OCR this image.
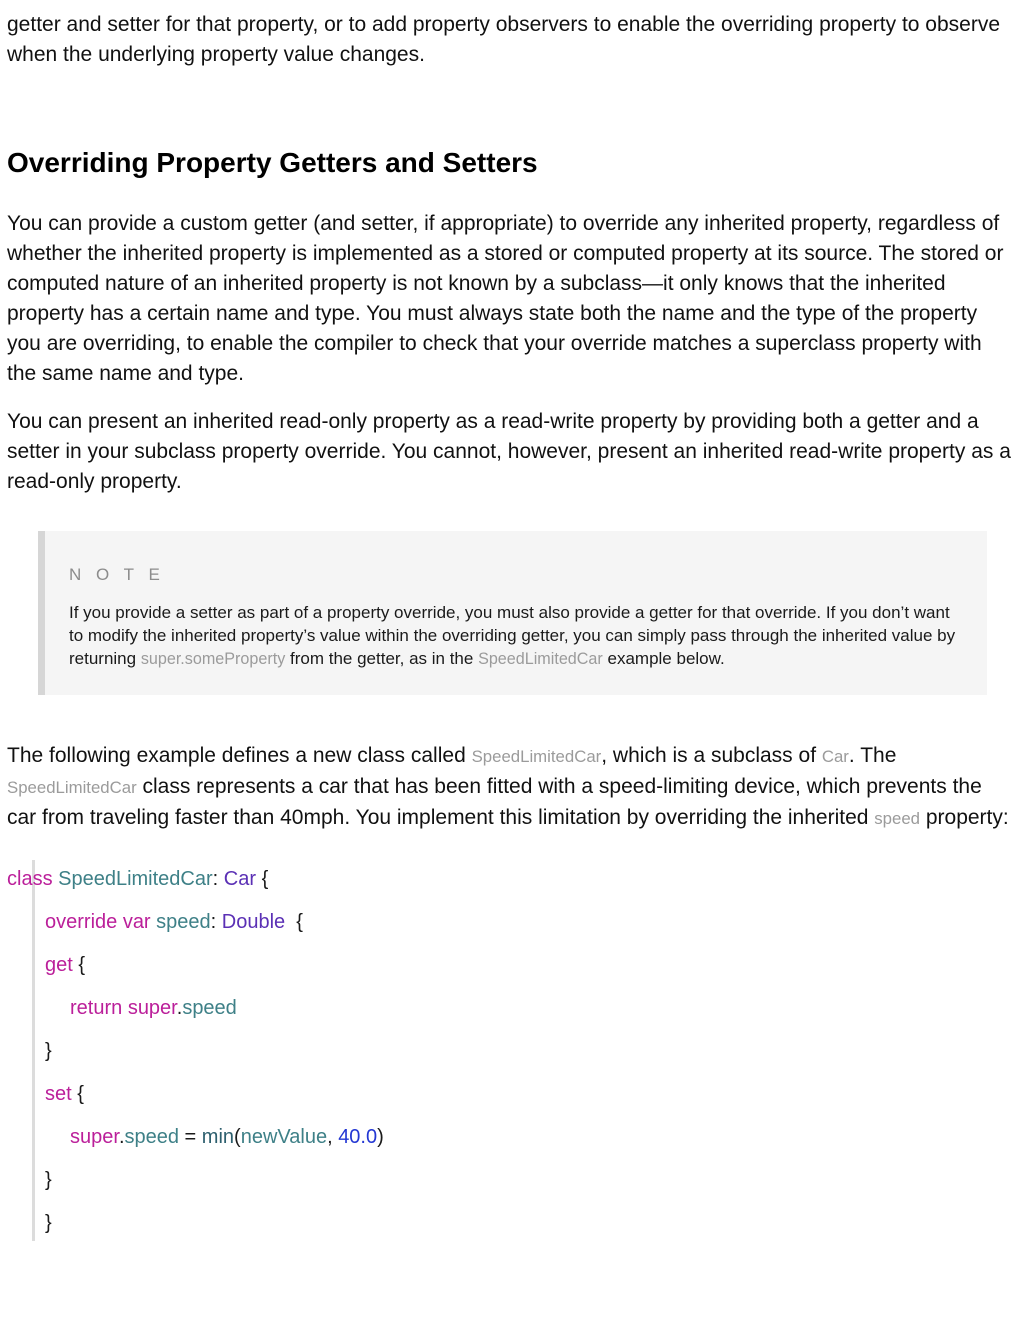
getter and setter for that property, or to add property observers to enable the overriding property to observe when the underlying property value changes.

Overriding Property Getters and Setters

You can provide a custom getter (and setter, if appropriate) to override any inherited property, regardless of whether the inherited property is implemented as a stored or computed property at its source. The stored or computed nature of an inherited property is not known by a subclass—it only knows that the inherited property has a certain name and type. You must always state both the name and the type of the property you are overriding, to enable the compiler to check that your override matches a superclass property with the same name and type.

You can present an inherited read-only property as a read-write property by providing both a getter and a setter in your subclass property override. You cannot, however, present an inherited read-write property as a read-only property.

N O T E

If you provide a setter as part of a property override, you must also provide a getter for that override. If you don’t want to modify the inherited property’s value within the overriding getter, you can simply pass through the inherited value by returning super.someProperty from the getter, as in the SpeedLimitedCar example below.

The following example defines a new class called SpeedLimitedCar, which is a subclass of Car. The SpeedLimitedCar class represents a car that has been fitted with a speed-limiting device, which prevents the car from traveling faster than 40mph. You implement this limitation by overriding the inherited speed property:

class SpeedLimitedCar: Car {
override var speed: Double  {
get {
return super.speed
}
set {
super.speed = min(newValue, 40.0)
}
}
